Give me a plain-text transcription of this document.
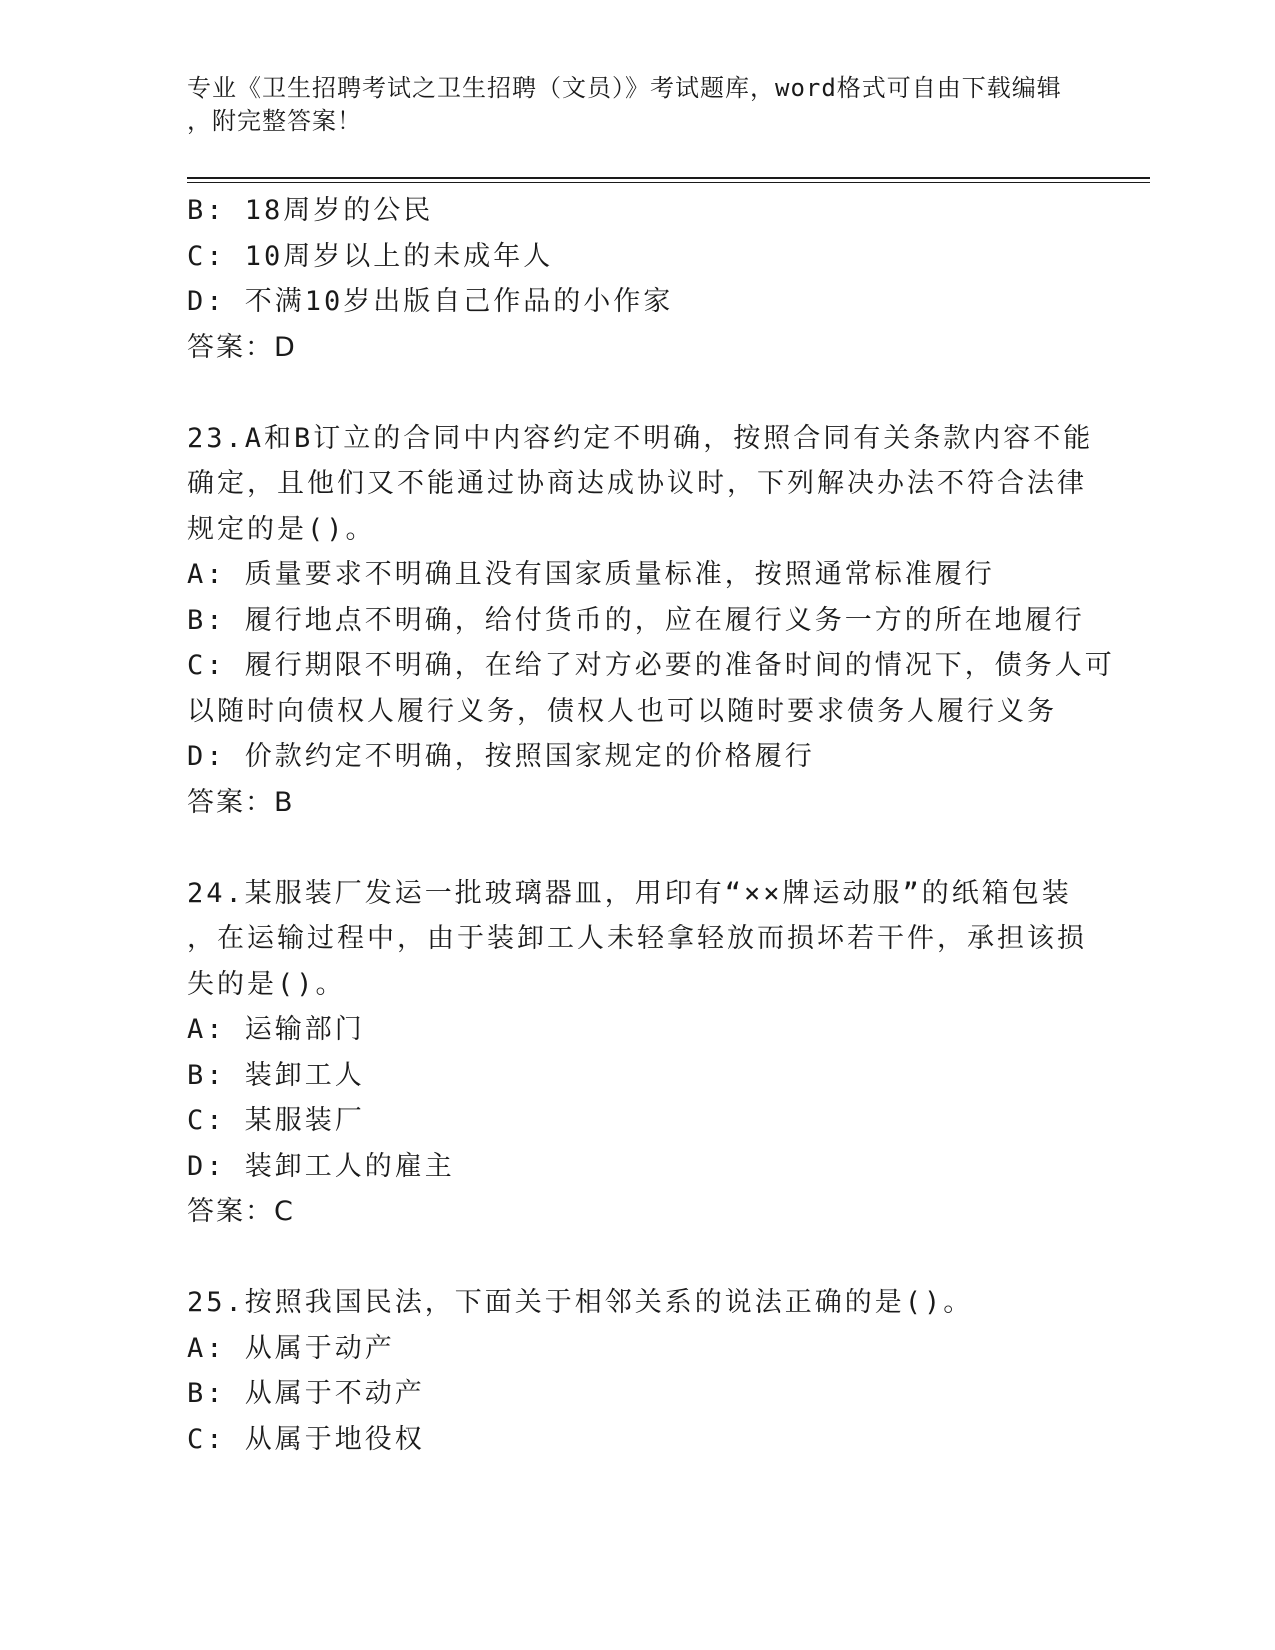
专业《卫生招聘考试之卫生招聘（文员）》考试题库，word格式可自由下载编辑
，附完整答案！
B: 18周岁的公民
C: 10周岁以上的未成年人
D: 不满10岁出版自己作品的小作家
答案：D
23.A和B订立的合同中内容约定不明确，按照合同有关条款内容不能
确定，且他们又不能通过协商达成协议时，下列解决办法不符合法律
规定的是()。
A: 质量要求不明确且没有国家质量标准，按照通常标准履行
B: 履行地点不明确，给付货币的，应在履行义务一方的所在地履行
C: 履行期限不明确，在给了对方必要的准备时间的情况下，债务人可
以随时向债权人履行义务，债权人也可以随时要求债务人履行义务
D: 价款约定不明确，按照国家规定的价格履行
答案：B
24.某服装厂发运一批玻璃器皿，用印有“××牌运动服”的纸箱包装
，在运输过程中，由于装卸工人未轻拿轻放而损坏若干件，承担该损
失的是()。
A: 运输部门
B: 装卸工人
C: 某服装厂
D: 装卸工人的雇主
答案：C
25.按照我国民法，下面关于相邻关系的说法正确的是()。
A: 从属于动产
B: 从属于不动产
C: 从属于地役权
